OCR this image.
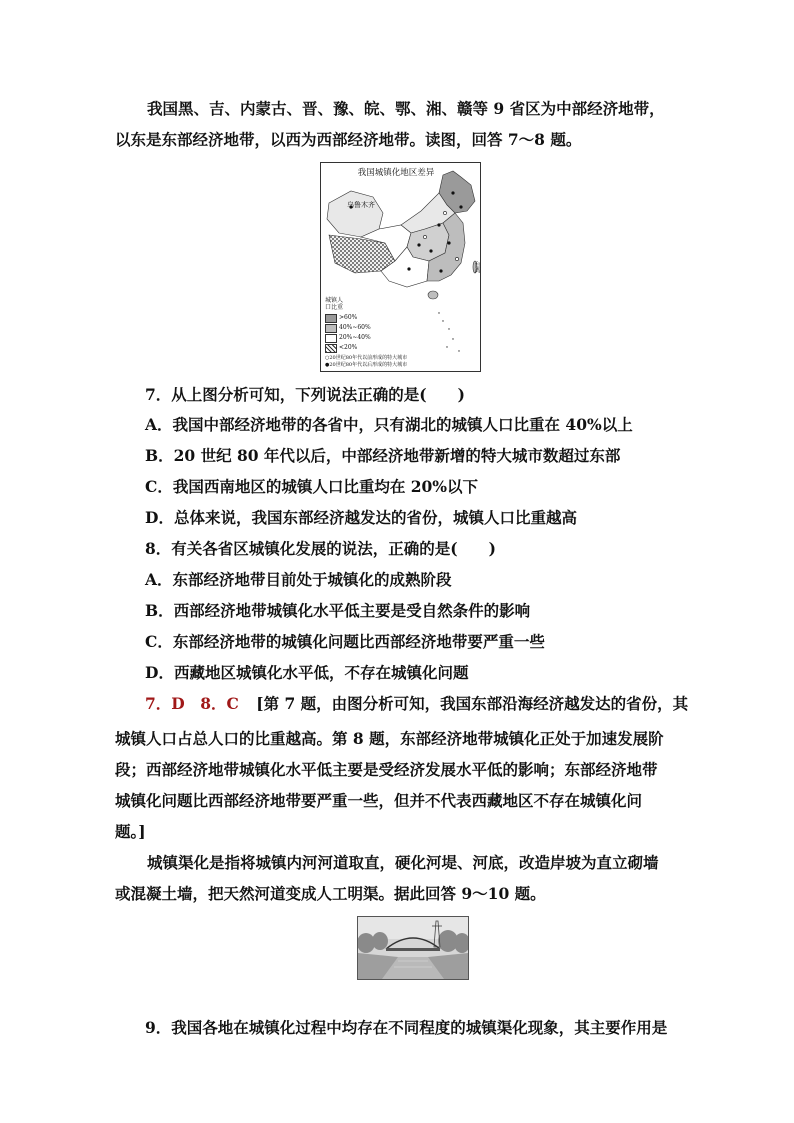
我国黑、吉、内蒙古、晋、豫、皖、鄂、湘、赣等 9 省区为中部经济地带，
以东是东部经济地带，以西为西部经济地带。读图，回答 7～8 题。
我国城镇化地区差异
乌鲁木齐
台湾
城镇人
口比重
>60%
40%~60%
20%~40%
<20%
○20世纪80年代以前形成的特大城市
●20世纪80年代以后形成的特大城市
7．从上图分析可知，下列说法正确的是(　　)
A．我国中部经济地带的各省中，只有湖北的城镇人口比重在 40%以上
B．20 世纪 80 年代以后，中部经济地带新增的特大城市数超过东部
C．我国西南地区的城镇人口比重均在 20%以下
D．总体来说，我国东部经济越发达的省份，城镇人口比重越高
8．有关各省区城镇化发展的说法，正确的是(　　)
A．东部经济地带目前处于城镇化的成熟阶段
B．西部经济地带城镇化水平低主要是受自然条件的影响
C．东部经济地带的城镇化问题比西部经济地带要严重一些
D．西藏地区城镇化水平低，不存在城镇化问题
7．D　8．C [第 7 题，由图分析可知，我国东部沿海经济越发达的省份，其
城镇人口占总人口的比重越高。第 8 题，东部经济地带城镇化正处于加速发展阶
段；西部经济地带城镇化水平低主要是受经济发展水平低的影响；东部经济地带
城镇化问题比西部经济地带要严重一些，但并不代表西藏地区不存在城镇化问
题。]
城镇渠化是指将城镇内河河道取直，硬化河堤、河底，改造岸坡为直立砌墙
或混凝土墙，把天然河道变成人工明渠。据此回答 9～10 题。
9．我国各地在城镇化过程中均存在不同程度的城镇渠化现象，其主要作用是
